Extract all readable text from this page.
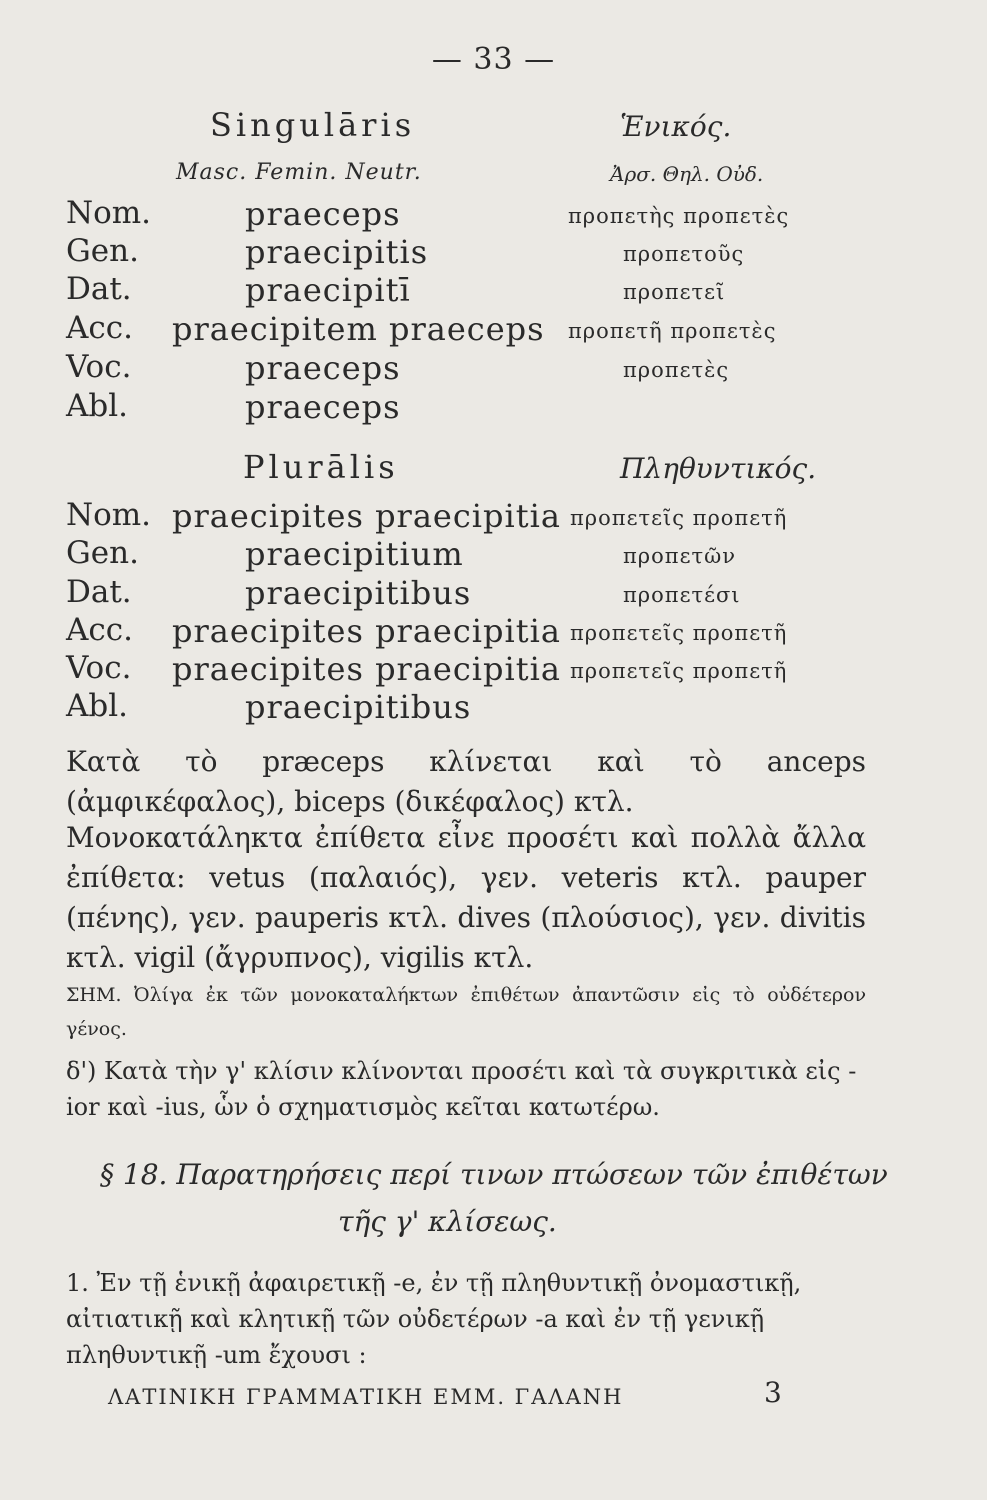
— 33 —
Singulāris	Ἑνικός.
Masc. Femin. Neutr.	Ἀρσ. Θηλ. Οὐδ.
Nom.	praeceps	προπετὴς προπετὲς
Gen.	praecipitis	προπετοῦς
Dat.	praecipitī	προπετεῖ
Acc. praecipitem praeceps προπετῆ προπετὲς
Voc.	praeceps	προπετὲς
Abl.	praeceps
Plurālis	Πληθυντικός.
Nom. praecipites praecipitia προπετεῖς προπετῆ
Gen.	praecipitium	προπετῶν
Dat.	praecipitibus	προπετέσι
Acc. praecipites praecipitia προπετεῖς προπετῆ
Voc. praecipites praecipitia προπετεῖς προπετῆ
Abl.	praecipitibus
Κατὰ τὸ præceps κλίνεται καὶ τὸ anceps (ἀμφικέφαλος), biceps (δικέφαλος) κτλ.
Μονοκατάληκτα ἐπίθετα εἶνε προσέτι καὶ πολλὰ ἄλλα ἐπίθετα: vetus (παλαιός), γεν. veteris κτλ. pauper (πένης), γεν. pauperis κτλ. dives (πλούσιος), γεν. divitis κτλ. vigil (ἄγρυπνος), vigilis κτλ.
ΣΗΜ. Ὀλίγα ἐκ τῶν μονοκαταλήκτων ἐπιθέτων ἀπαντῶσιν εἰς τὸ οὐδέτερον γένος.
δ') Κατὰ τὴν γ' κλίσιν κλίνονται προσέτι καὶ τὰ συγκριτικὰ εἰς -ior καὶ -ius, ὧν ὁ σχηματισμὸς κεῖται κατωτέρω.
§ 18. Παρατηρήσεις περί τινων πτώσεων τῶν ἐπιθέτων
τῆς γ' κλίσεως.
1. Ἐν τῇ ἑνικῇ ἀφαιρετικῇ -e, ἐν τῇ πληθυντικῇ ὀνομαστικῇ, αἰτιατικῇ καὶ κλητικῇ τῶν οὐδετέρων -a καὶ ἐν τῇ γενικῇ πληθυντικῇ -um ἔχουσι :
ΛΑΤΙΝΙΚΗ ΓΡΑΜΜΑΤΙΚΗ ΕΜΜ. ΓΑΛΑΝΗ	3
